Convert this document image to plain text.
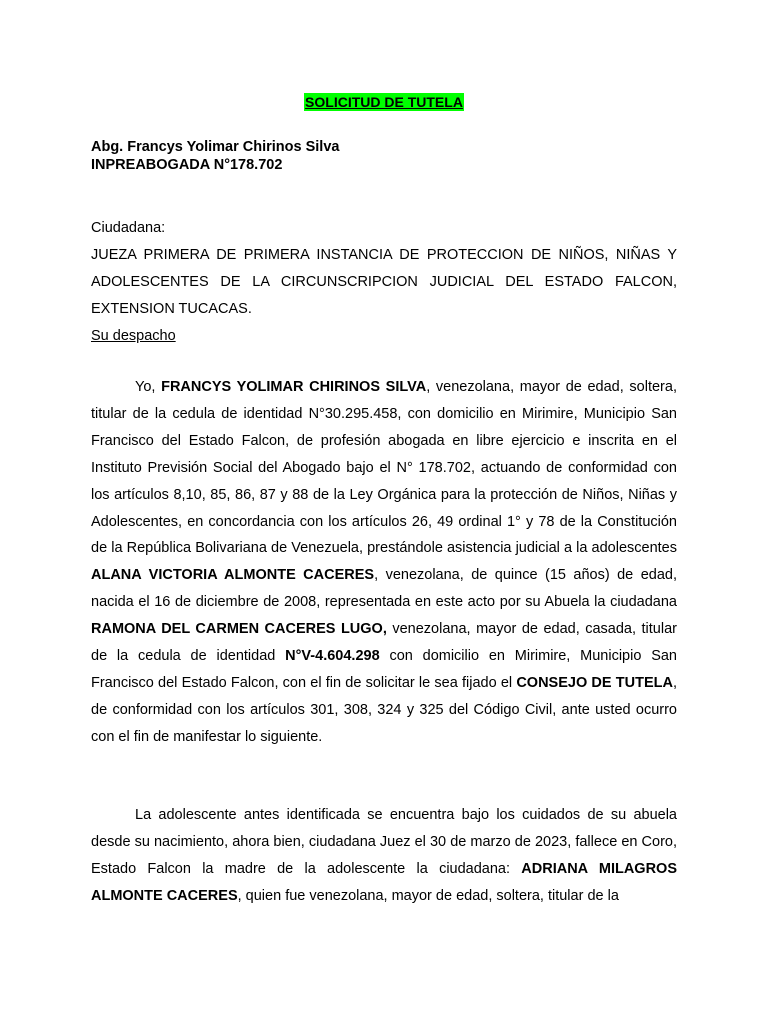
SOLICITUD DE TUTELA
Abg. Francys Yolimar Chirinos Silva
INPREABOGADA N°178.702
Ciudadana:
JUEZA PRIMERA DE PRIMERA INSTANCIA DE PROTECCION DE NIÑOS, NIÑAS Y ADOLESCENTES DE LA CIRCUNSCRIPCION JUDICIAL DEL ESTADO FALCON, EXTENSION TUCACAS.
Su despacho
Yo, FRANCYS YOLIMAR CHIRINOS SILVA, venezolana, mayor de edad, soltera, titular de la cedula de identidad N°30.295.458, con domicilio en Mirimire, Municipio San Francisco del Estado Falcon, de profesión abogada en libre ejercicio e inscrita en el Instituto Previsión Social del Abogado bajo el N° 178.702, actuando de conformidad con los artículos 8,10, 85, 86, 87 y 88 de la Ley Orgánica para la protección de Niños, Niñas y Adolescentes, en concordancia con los artículos 26, 49 ordinal 1° y 78 de la Constitución de la República Bolivariana de Venezuela, prestándole asistencia judicial a la adolescentes ALANA VICTORIA ALMONTE CACERES, venezolana, de quince (15 años) de edad, nacida el 16 de diciembre de 2008, representada en este acto por su Abuela la ciudadana RAMONA DEL CARMEN CACERES LUGO, venezolana, mayor de edad, casada, titular de la cedula de identidad N°V-4.604.298 con domicilio en Mirimire, Municipio San Francisco del Estado Falcon, con el fin de solicitar le sea fijado el CONSEJO DE TUTELA, de conformidad con los artículos 301, 308, 324 y 325 del Código Civil, ante usted ocurro con el fin de manifestar lo siguiente.
La adolescente antes identificada se encuentra bajo los cuidados de su abuela desde su nacimiento, ahora bien, ciudadana Juez el 30 de marzo de 2023, fallece en Coro, Estado Falcon la madre de la adolescente la ciudadana: ADRIANA MILAGROS ALMONTE CACERES, quien fue venezolana, mayor de edad, soltera, titular de la
